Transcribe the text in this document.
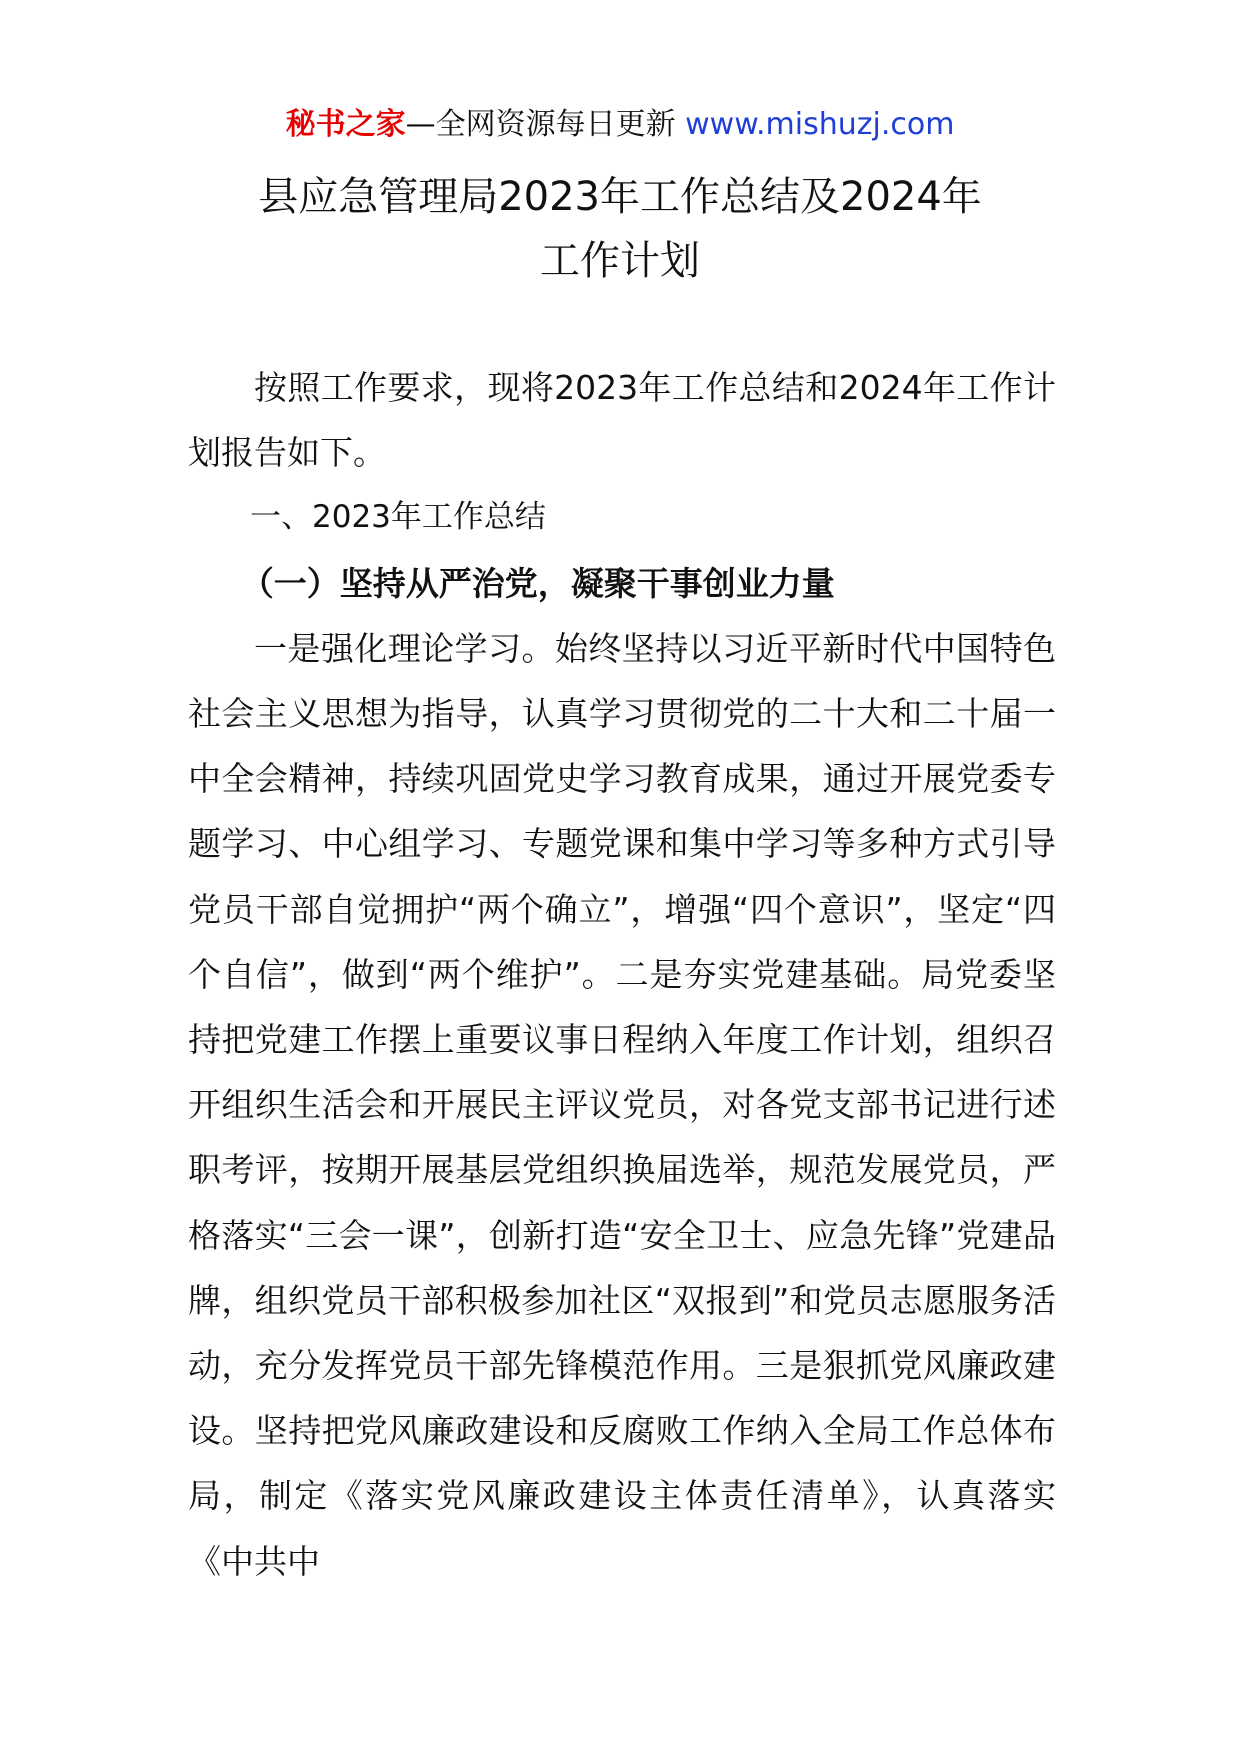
秘书之家—全网资源每日更新 www.mishuzj.com
县应急管理局2023年工作总结及2024年
工作计划

按照工作要求，现将2023年工作总结和2024年工作计划报告如下。

一、2023年工作总结

（一）坚持从严治党，凝聚干事创业力量

一是强化理论学习。始终坚持以习近平新时代中国特色社会主义思想为指导，认真学习贯彻党的二十大和二十届一中全会精神，持续巩固党史学习教育成果，通过开展党委专题学习、中心组学习、专题党课和集中学习等多种方式引导党员干部自觉拥护“两个确立”，增强“四个意识”，坚定“四个自信”，做到“两个维护”。二是夯实党建基础。局党委坚持把党建工作摆上重要议事日程纳入年度工作计划，组织召开组织生活会和开展民主评议党员，对各党支部书记进行述职考评，按期开展基层党组织换届选举，规范发展党员，严格落实“三会一课”，创新打造“安全卫士、应急先锋”党建品牌，组织党员干部积极参加社区“双报到”和党员志愿服务活动，充分发挥党员干部先锋模范作用。三是狠抓党风廉政建设。坚持把党风廉政建设和反腐败工作纳入全局工作总体布局，制定《落实党风廉政建设主体责任清单》，认真落实《中共中
